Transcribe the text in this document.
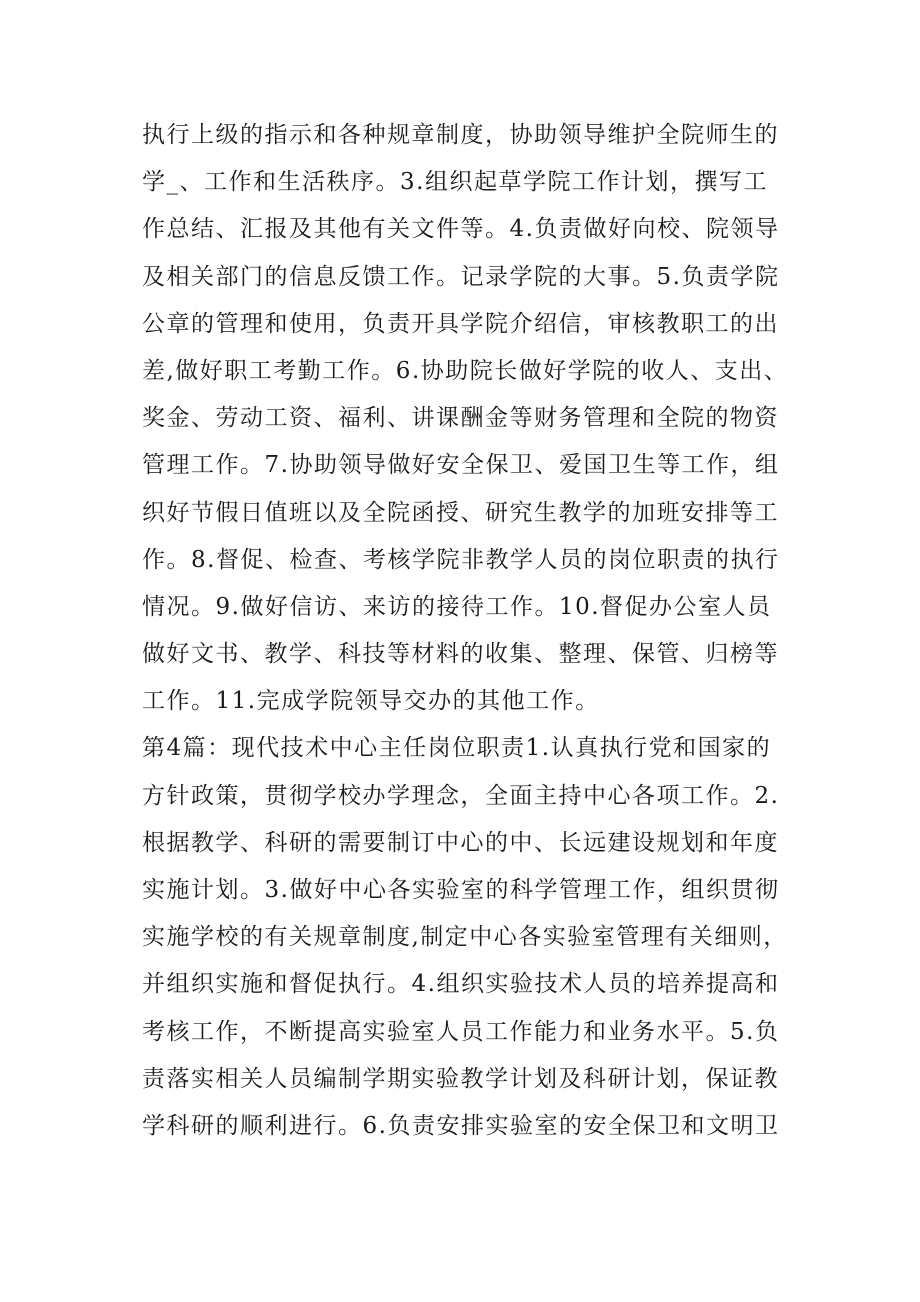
执行上级的指示和各种规章制度，协助领导维护全院师生的
学_、工作和生活秩序。3.组织起草学院工作计划，撰写工
作总结、汇报及其他有关文件等。4.负责做好向校、院领导
及相关部门的信息反馈工作。记录学院的大事。5.负责学院
公章的管理和使用，负责开具学院介绍信，审核教职工的出
差,做好职工考勤工作。6.协助院长做好学院的收人、支出、
奖金、劳动工资、福利、讲课酬金等财务管理和全院的物资
管理工作。7.协助领导做好安全保卫、爱国卫生等工作，组
织好节假日值班以及全院函授、研究生教学的加班安排等工
作。8.督促、检查、考核学院非教学人员的岗位职责的执行
情况。9.做好信访、来访的接待工作。10.督促办公室人员
做好文书、教学、科技等材料的收集、整理、保管、归榜等
工作。11.完成学院领导交办的其他工作。
第4篇：现代技术中心主任岗位职责1.认真执行党和国家的
方针政策，贯彻学校办学理念，全面主持中心各项工作。2.
根据教学、科研的需要制订中心的中、长远建设规划和年度
实施计划。3.做好中心各实验室的科学管理工作，组织贯彻
实施学校的有关规章制度,制定中心各实验室管理有关细则，
并组织实施和督促执行。4.组织实验技术人员的培养提高和
考核工作，不断提高实验室人员工作能力和业务水平。5.负
责落实相关人员编制学期实验教学计划及科研计划，保证教
学科研的顺利进行。6.负责安排实验室的安全保卫和文明卫
